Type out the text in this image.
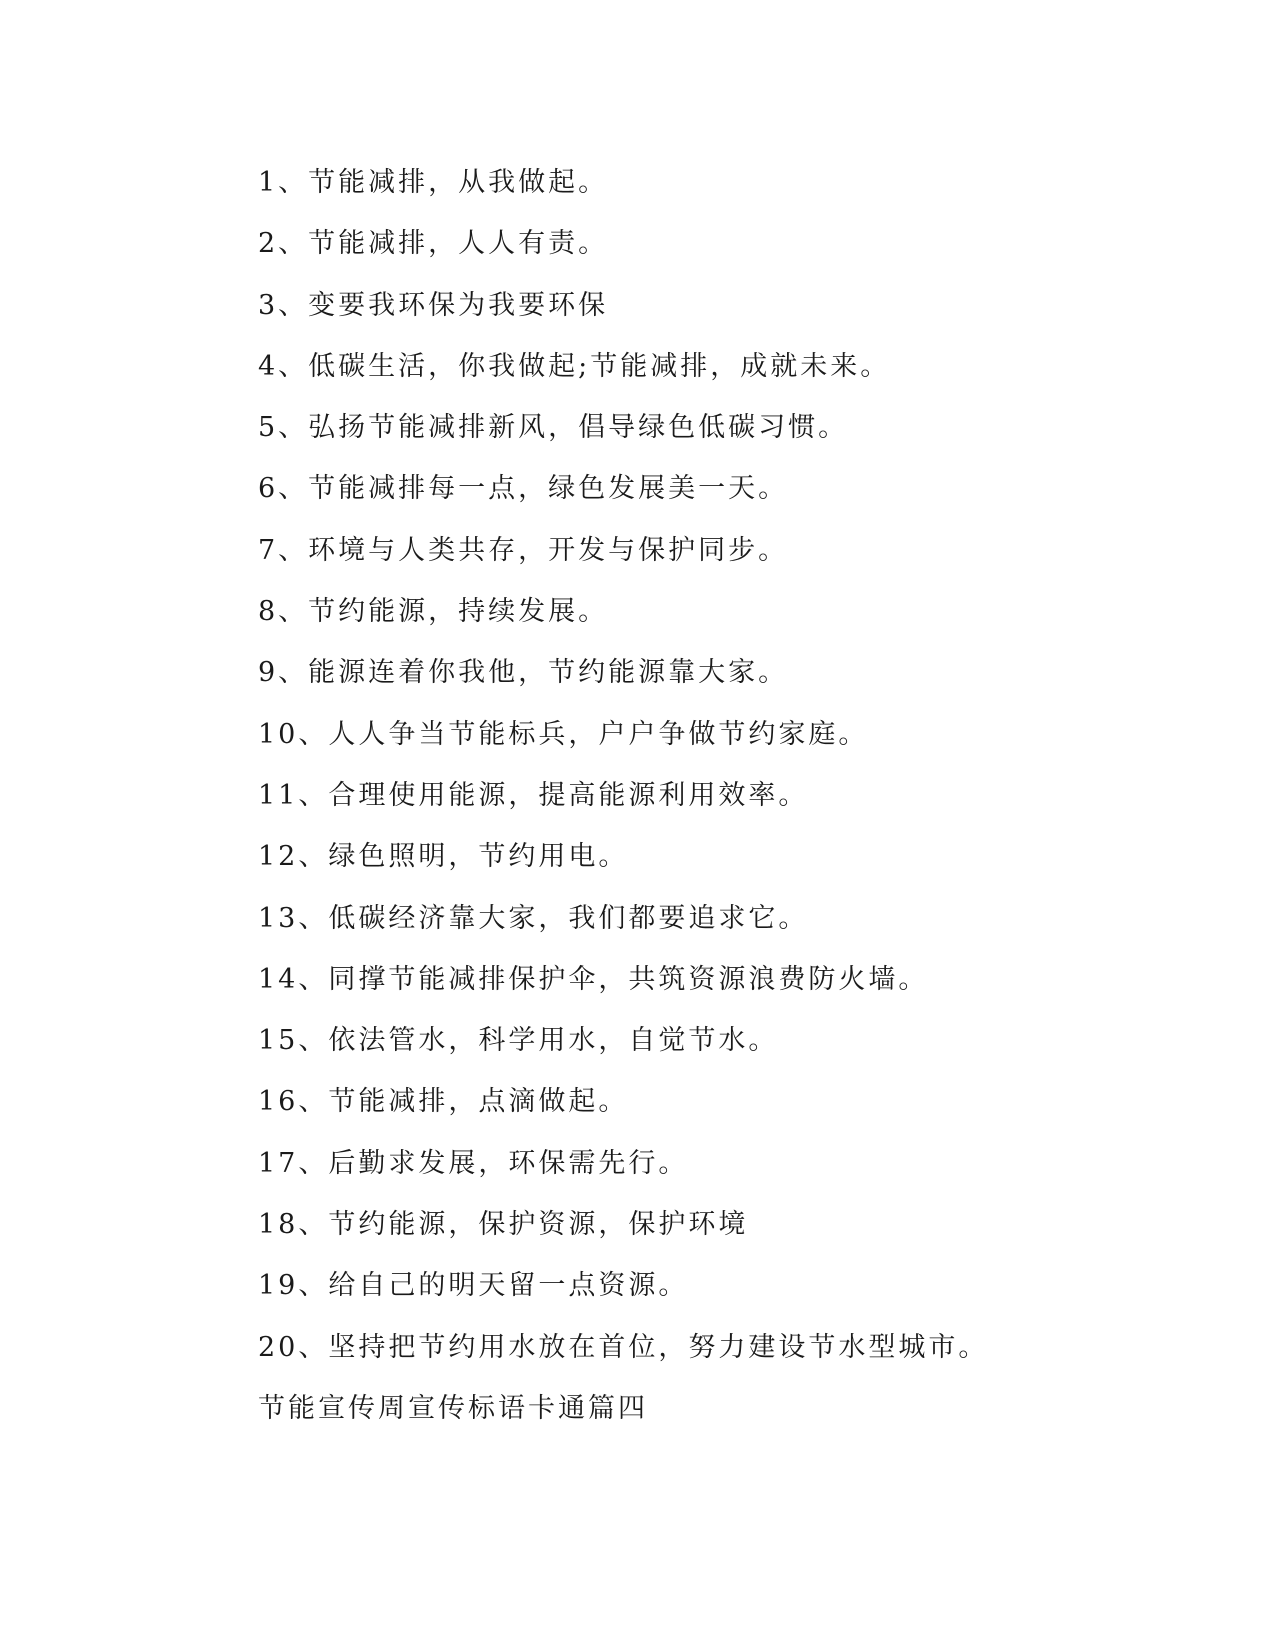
1、节能减排，从我做起。
2、节能减排，人人有责。
3、变要我环保为我要环保
4、低碳生活，你我做起;节能减排，成就未来。
5、弘扬节能减排新风，倡导绿色低碳习惯。
6、节能减排每一点，绿色发展美一天。
7、环境与人类共存，开发与保护同步。
8、节约能源，持续发展。
9、能源连着你我他，节约能源靠大家。
10、人人争当节能标兵，户户争做节约家庭。
11、合理使用能源，提高能源利用效率。
12、绿色照明，节约用电。
13、低碳经济靠大家，我们都要追求它。
14、同撑节能减排保护伞，共筑资源浪费防火墙。
15、依法管水，科学用水，自觉节水。
16、节能减排，点滴做起。
17、后勤求发展，环保需先行。
18、节约能源，保护资源，保护环境
19、给自己的明天留一点资源。
20、坚持把节约用水放在首位，努力建设节水型城市。
节能宣传周宣传标语卡通篇四
